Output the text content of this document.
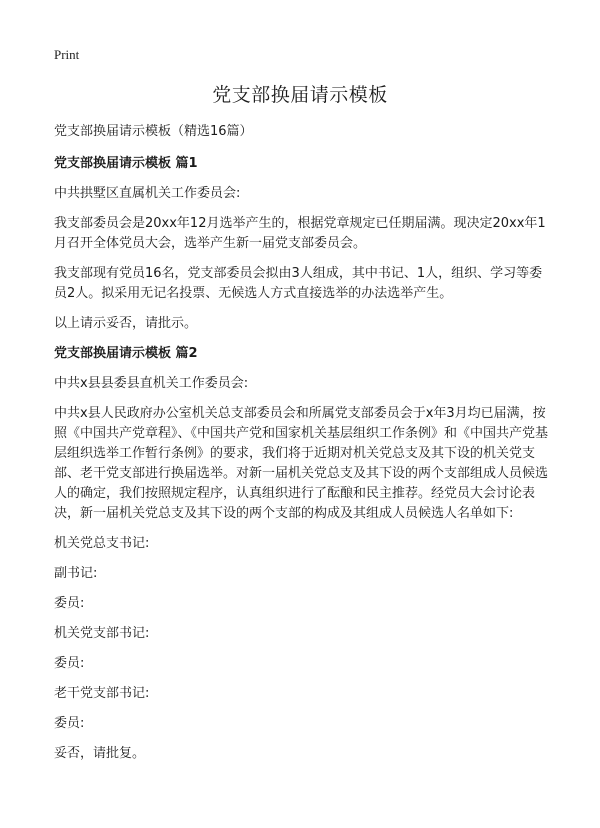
Print
党支部换届请示模板

党支部换届请示模板（精选16篇）

党支部换届请示模板 篇1

中共拱墅区直属机关工作委员会:

我支部委员会是20xx年12月选举产生的，根据党章规定已任期届满。现决定20xx年1月召开全体党员大会，选举产生新一届党支部委员会。

我支部现有党员16名，党支部委员会拟由3人组成，其中书记、1人，组织、学习等委员2人。拟采用无记名投票、无候选人方式直接选举的办法选举产生。

以上请示妥否，请批示。

党支部换届请示模板 篇2

中共x县县委县直机关工作委员会:

中共x县人民政府办公室机关总支部委员会和所属党支部委员会于x年3月均已届满，按照《中国共产党章程》、《中国共产党和国家机关基层组织工作条例》和《中国共产党基层组织选举工作暂行条例》的要求，我们将于近期对机关党总支及其下设的机关党支部、老干党支部进行换届选举。对新一届机关党总支及其下设的两个支部组成人员候选人的确定，我们按照规定程序，认真组织进行了酝酿和民主推荐。经党员大会讨论表决，新一届机关党总支及其下设的两个支部的构成及其组成人员候选人名单如下:

机关党总支书记:

副书记:

委员:

机关党支部书记:

委员:

老干党支部书记:

委员:

妥否，请批复。
